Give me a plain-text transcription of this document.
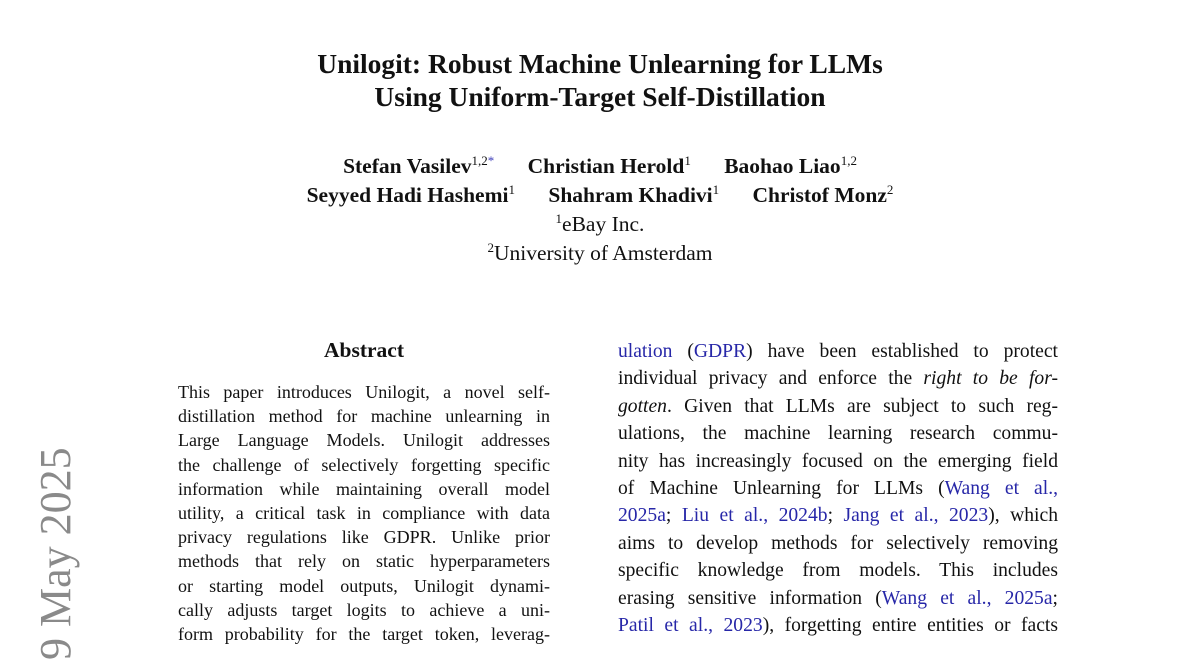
Unilogit: Robust Machine Unlearning for LLMs
Using Uniform-Target Self-Distillation
Stefan Vasilev$^{1,2*}$ Christian Herold$^1$ Baohao Liao$^{1,2}$
Seyyed Hadi Hashemi$^1$ Shahram Khadivi$^1$ Christof Monz$^2$
$^1$eBay Inc.
$^2$University of Amsterdam
Abstract
This paper introduces Unilogit, a novel self-
distillation method for machine unlearning in
Large Language Models. Unilogit addresses
the challenge of selectively forgetting specific
information while maintaining overall model
utility, a critical task in compliance with data
privacy regulations like GDPR. Unlike prior
methods that rely on static hyperparameters
or starting model outputs, Unilogit dynami-
cally adjusts target logits to achieve a uni-
form probability for the target token, leverag-
ulation (GDPR) have been established to protect
individual privacy and enforce the right to be for-
gotten. Given that LLMs are subject to such reg-
ulations, the machine learning research commu-
nity has increasingly focused on the emerging field
of Machine Unlearning for LLMs (Wang et al.,
2025a; Liu et al., 2024b; Jang et al., 2023), which
aims to develop methods for selectively removing
specific knowledge from models. This includes
erasing sensitive information (Wang et al., 2025a;
Patil et al., 2023), forgetting entire entities or facts
9 May 2025
